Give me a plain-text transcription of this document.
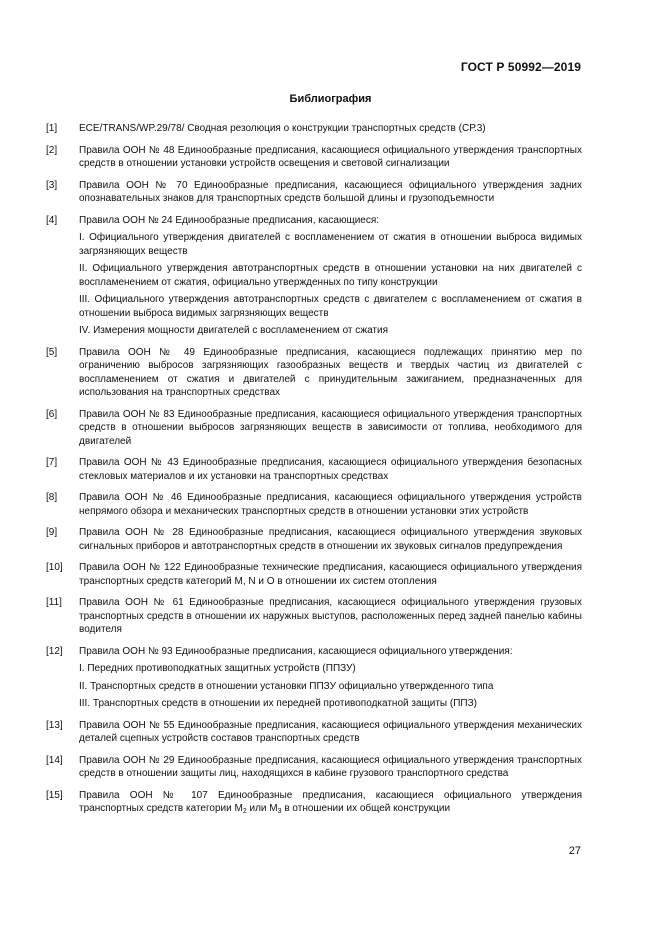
ГОСТ Р 50992—2019
Библиография
[1] ECE/TRANS/WP.29/78/ Сводная резолюция о конструкции транспортных средств (СР.3)

[2] Правила ООН № 48 Единообразные предписания, касающиеся официального утверждения транспортных средств в отношении установки устройств освещения и световой сигнализации

[3] Правила ООН № 70 Единообразные предписания, касающиеся официального утверждения задних опознавательных знаков для транспортных средств большой длины и грузоподъемности

[4] Правила ООН № 24 Единообразные предписания, касающиеся:

I. Официального утверждения двигателей с воспламенением от сжатия в отношении выброса видимых загрязняющих веществ

II. Официального утверждения автотранспортных средств в отношении установки на них двигателей с воспламенением от сжатия, официально утвержденных по типу конструкции

III. Официального утверждения автотранспортных средств с двигателем с воспламенением от сжатия в отношении выброса видимых загрязняющих веществ

IV. Измерения мощности двигателей с воспламенением от сжатия

[5] Правила ООН № 49 Единообразные предписания, касающиеся подлежащих принятию мер по ограничению выбросов загрязняющих газообразных веществ и твердых частиц из двигателей с воспламенением от сжатия и двигателей с принудительным зажиганием, предназначенных для использования на транспортных средствах

[6] Правила ООН № 83 Единообразные предписания, касающиеся официального утверждения транспортных средств в отношении выбросов загрязняющих веществ в зависимости от топлива, необходимого для двигателей

[7] Правила ООН № 43 Единообразные предписания, касающиеся официального утверждения безопасных стекловых материалов и их установки на транспортных средствах

[8] Правила ООН № 46 Единообразные предписания, касающиеся официального утверждения устройств непрямого обзора и механических транспортных средств в отношении установки этих устройств

[9] Правила ООН № 28 Единообразные предписания, касающиеся официального утверждения звуковых сигнальных приборов и автотранспортных средств в отношении их звуковых сигналов предупреждения

[10] Правила ООН № 122 Единообразные технические предписания, касающиеся официального утверждения транспортных средств категорий М, N и О в отношении их систем отопления

[11] Правила ООН № 61 Единообразные предписания, касающиеся официального утверждения грузовых транспортных средств в отношении их наружных выступов, расположенных перед задней панелью кабины водителя

[12] Правила ООН № 93 Единообразные предписания, касающиеся официального утверждения:

I. Передних противоподкатных защитных устройств (ППЗУ)

II. Транспортных средств в отношении установки ППЗУ официально утвержденного типа

III. Транспортных средств в отношении их передней противоподкатной защиты (ППЗ)

[13] Правила ООН № 55 Единообразные предписания, касающиеся официального утверждения механических деталей сцепных устройств составов транспортных средств

[14] Правила ООН № 29 Единообразные предписания, касающиеся официального утверждения транспортных средств в отношении защиты лиц, находящихся в кабине грузового транспортного средства

[15] Правила ООН № 107 Единообразные предписания, касающиеся официального утверждения транспортных средств категории $М_2$ или $М_3$ в отношении их общей конструкции

27
